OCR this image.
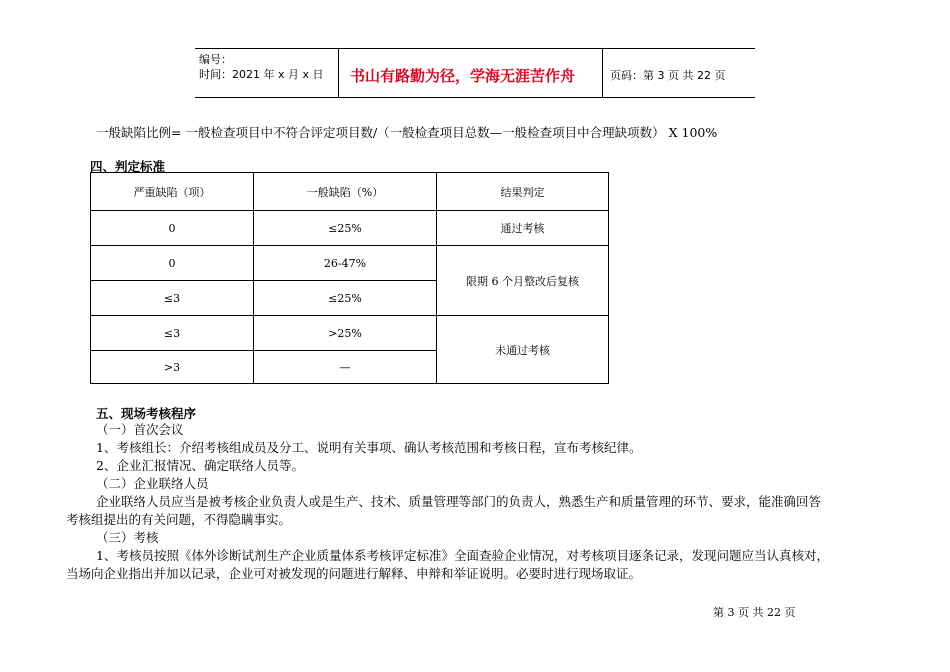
编号：
时间：2021 年 x 月 x 日 书山有路勤为径，学海无涯苦作舟	页码：第 3 页 共 22 页
一般缺陷比例= 一般检查项目中不符合评定项目数/（一般检查项目总数—一般检查项目中合理缺项数） X 100%
四、判定标准
严重缺陷（项）	一般缺陷（%）	结果判定
0	≤25%	通过考核
0	26-47%	限期 6 个月整改后复核
≤3	≤25%	
≤3	>25%	未通过考核
>3	—	
五、现场考核程序
（一）首次会议
1、考核组长：介绍考核组成员及分工、说明有关事项、确认考核范围和考核日程，宣布考核纪律。
2、企业汇报情况、确定联络人员等。
（二）企业联络人员
企业联络人员应当是被考核企业负责人或是生产、技术、质量管理等部门的负责人，熟悉生产和质量管理的环节、要求，能准确回答
考核组提出的有关问题，不得隐瞒事实。
（三）考核
1、考核员按照《体外诊断试剂生产企业质量体系考核评定标准》全面查验企业情况，对考核项目逐条记录，发现问题应当认真核对，
当场向企业指出并加以记录，企业可对被发现的问题进行解释、申辩和举证说明。必要时进行现场取证。
第 3 页 共 22 页
